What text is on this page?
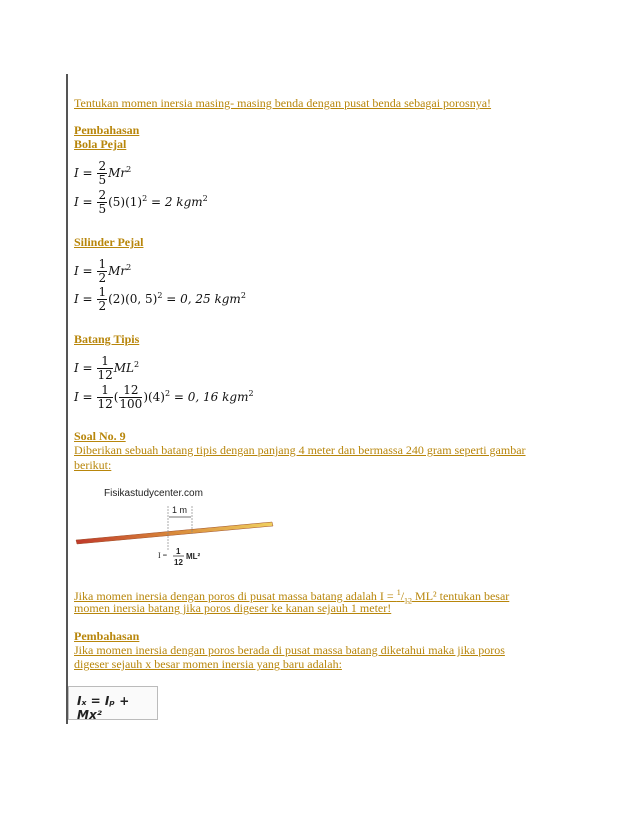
Tentukan momen inersia masing- masing benda dengan pusat benda sebagai porosnya!
Pembahasan
Bola Pejal
$I = \frac{2}{5} Mr^2$
$I = \frac{2}{5} (5)(1)^2 = 2$ kgm$^2$
Silinder Pejal
$I = \frac{1}{2} Mr^2$
$I = \frac{1}{2} (2)(0$, 5)$^2$ = 0, 25 kgm$^2$
Batang Tipis
$I = \frac{1}{12} ML^2$
$I = \frac{1}{12}$ ( $\frac{12}{100} )(4)^2 = 0$, 16 kgm$^2$
Soal No. 9
Diberikan sebuah batang tipis dengan panjang 4 meter dan bermassa 240 gram seperti gambar
berikut:
Fisikastudycenter.com
1 m
I = 1
12
ML²
Jika momen inersia dengan poros di pusat massa batang adalah $I = ^1/_{12}$ ML² tentukan besar
momen inersia batang jika poros digeser ke kanan sejauh 1 meter!
Pembahasan
Jika momen inersia dengan poros berada di pusat massa batang diketahui maka jika poros
digeser sejauh x besar momen inersia yang baru adalah:
Iₓ = Iₚ + Mx²
